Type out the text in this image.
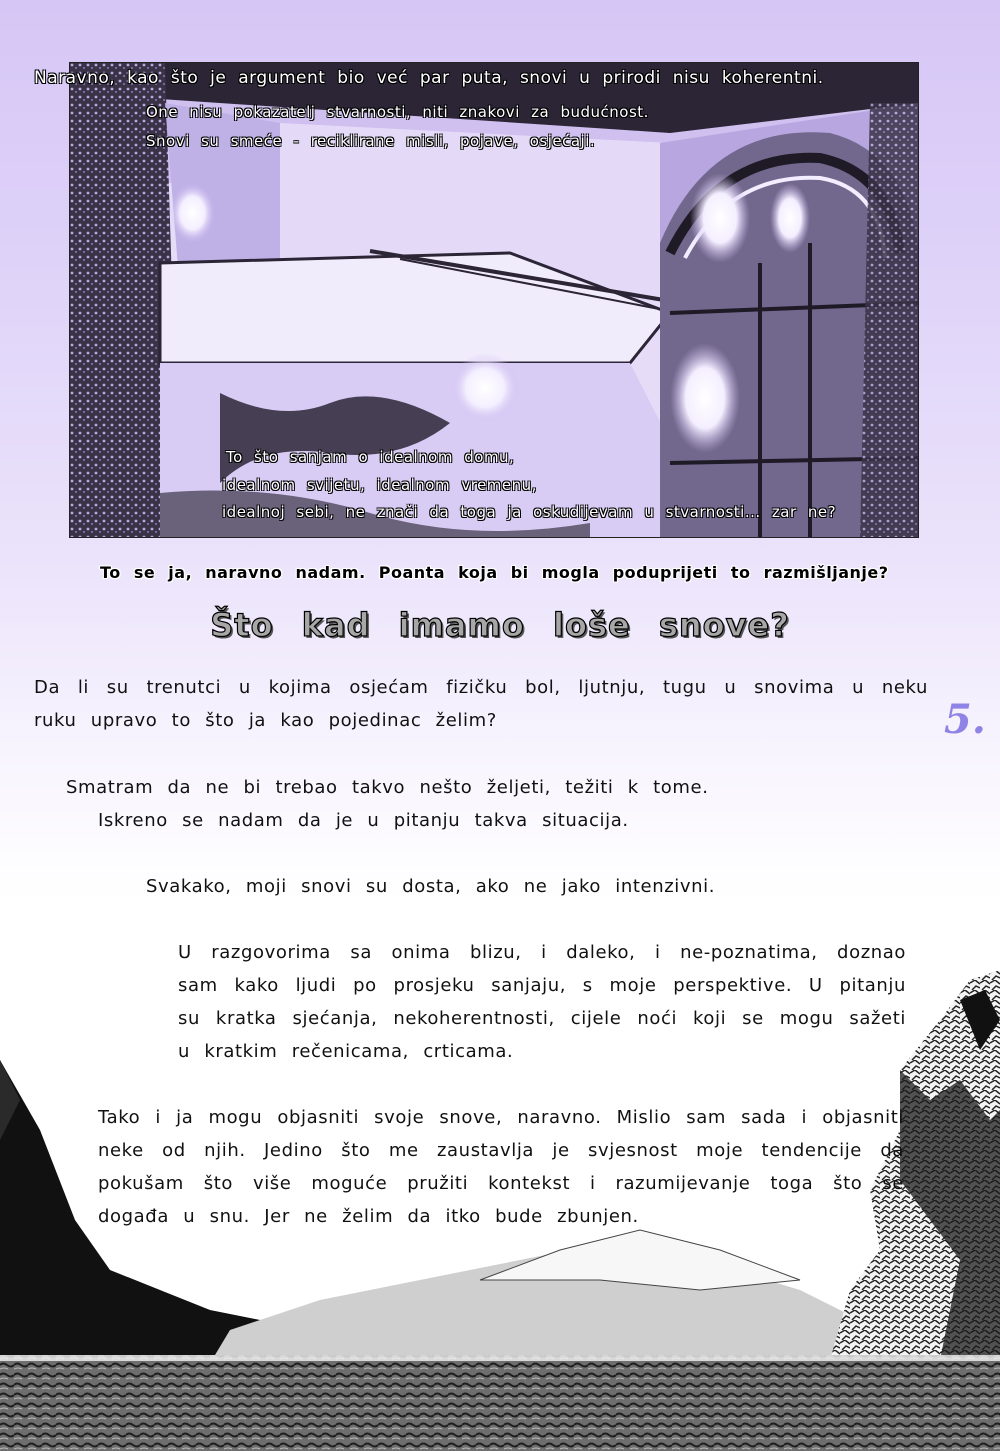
Naravno, kao što je argument bio već par puta, snovi u prirodi nisu koherentni.

One nisu pokazatelj stvarnosti, niti znakovi za budućnost.

Snovi su smeće - reciklirane misli, pojave, osjećaji.

To što sanjam o idealnom domu,

idealnom svijetu, idealnom vremenu,

idealnoj sebi, ne znači da toga ja oskudijevam u stvarnosti... zar ne?

To se ja, naravno nadam. Poanta koja bi mogla poduprijeti to razmišljanje?

Što kad imamo loše snove?

Da li su trenutci u kojima osjećam fizičku bol, ljutnju, tugu u snovima u neku ruku upravo to što ja kao pojedinac želim?

Smatram da ne bi trebao takvo nešto željeti, težiti k tome.

Iskreno se nadam da je u pitanju takva situacija.

Svakako, moji snovi su dosta, ako ne jako intenzivni.

U razgovorima sa onima blizu, i daleko, i ne-poznatima, doznao sam kako ljudi po prosjeku sanjaju, s moje perspektive. U pitanju su kratka sjećanja, nekoherentnosti, cijele noći koji se mogu sažeti u kratkim rečenicama, crticama.

Tako i ja mogu objasniti svoje snove, naravno. Mislio sam sada i objasniti neke od njih. Jedino što me zaustavlja je svjesnost moje tendencije da pokušam što više moguće pružiti kontekst i razumijevanje toga što se događa u snu. Jer ne želim da itko bude zbunjen.

5.
